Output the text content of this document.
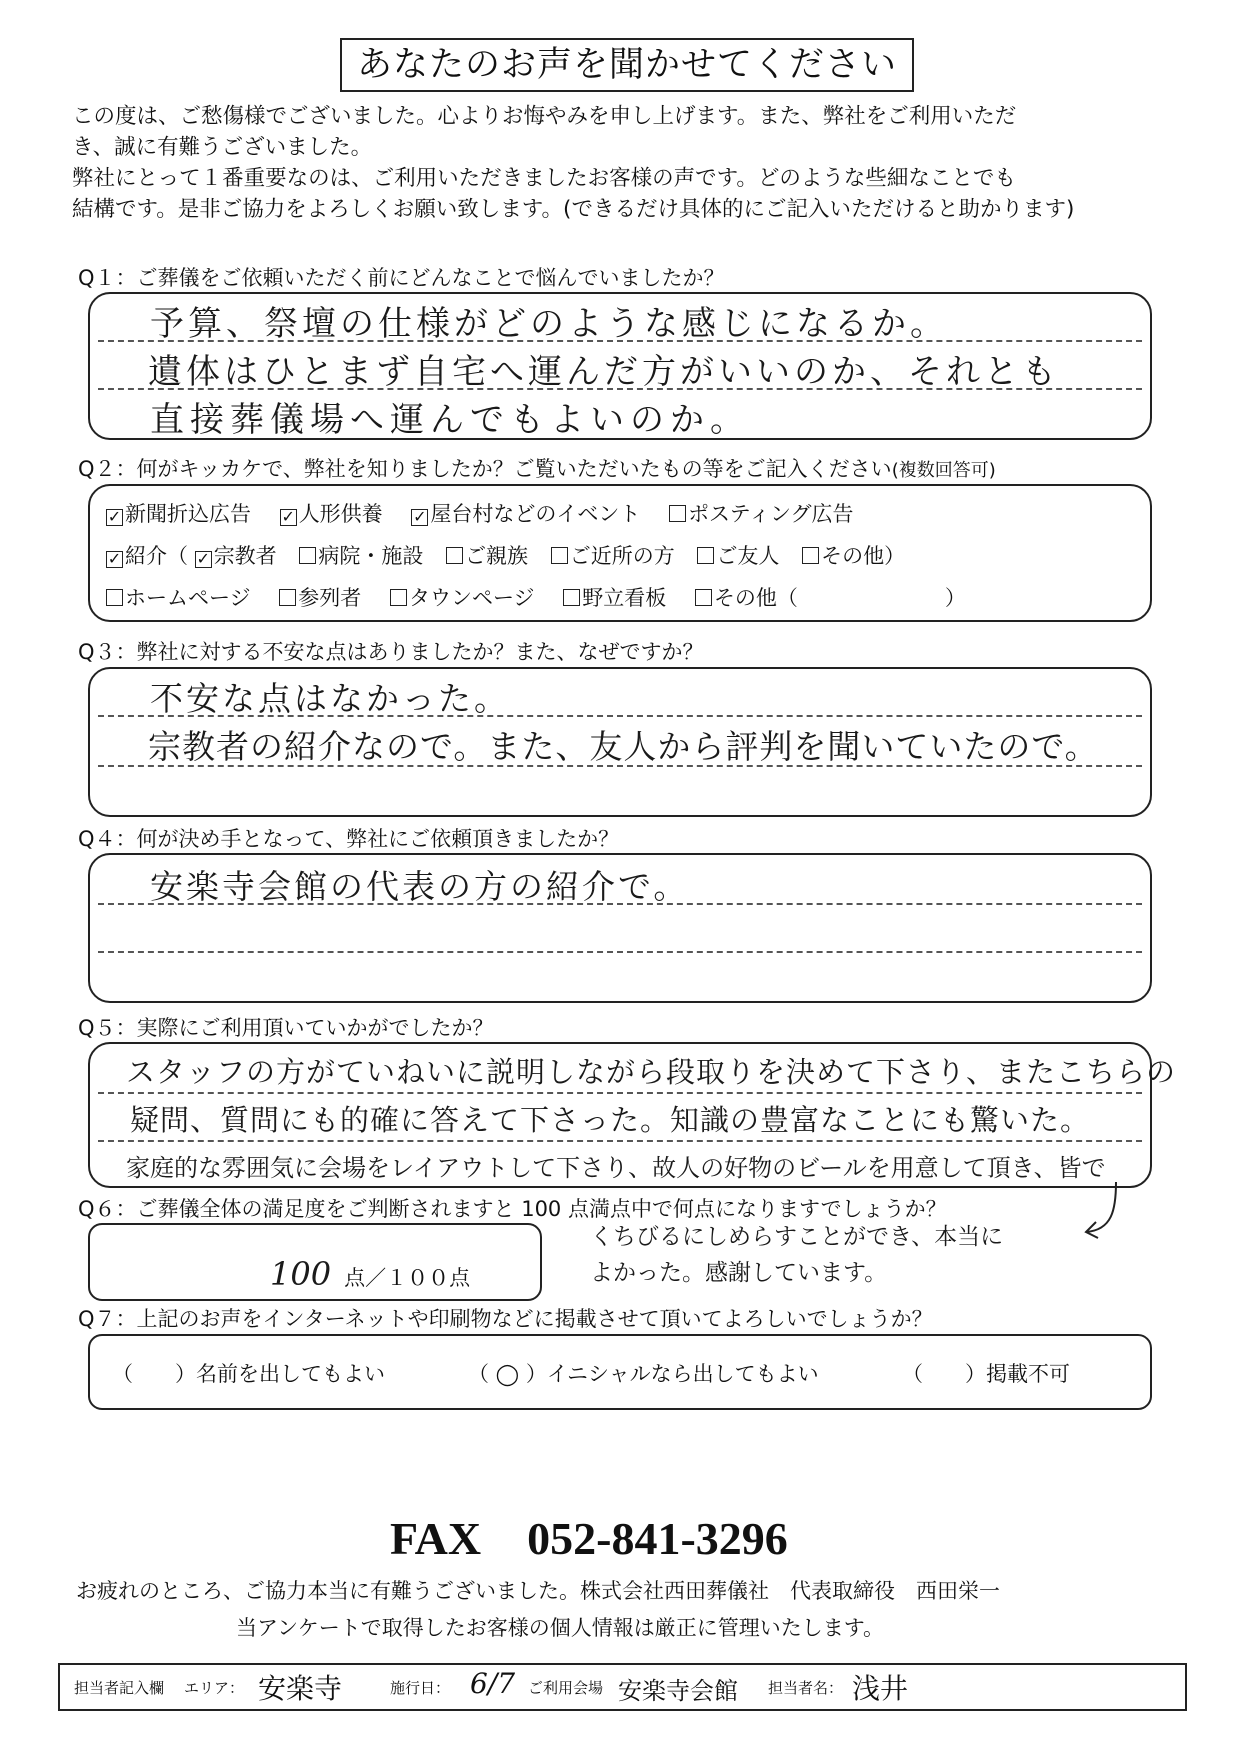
あなたのお声を聞かせてください
この度は、ご愁傷様でございました。心よりお悔やみを申し上げます。また、弊社をご利用いただ
き、誠に有難うございました。
弊社にとって１番重要なのは、ご利用いただきましたお客様の声です。どのような些細なことでも
結構です。是非ご協力をよろしくお願い致します。(できるだけ具体的にご記入いただけると助かります)
Q１：ご葬儀をご依頼いただく前にどんなことで悩んでいましたか？
予算、祭壇の仕様がどのような感じになるか。
遺体はひとまず自宅へ運んだ方がいいのか、それとも
直接葬儀場へ運んでもよいのか。
Q２：何がキッカケで、弊社を知りましたか？ご覧いただいたもの等をご記入ください(複数回答可)
✓ 新聞折込広告 ✓ 人形供養 ✓ 屋台村などのイベント ポスティング広告
✓ 紹介（ ✓ 宗教者 病院・施設 ご親族 ご近所の方 ご友人 その他）
ホームページ 参列者 タウンページ 野立看板 その他（　　　　　　　）
Q３：弊社に対する不安な点はありましたか？また、なぜですか？
不安な点はなかった。
宗教者の紹介なので。また、友人から評判を聞いていたので。
Q４：何が決め手となって、弊社にご依頼頂きましたか？
安楽寺会館の代表の方の紹介で。
Q５：実際にご利用頂いていかがでしたか？
スタッフの方がていねいに説明しながら段取りを決めて下さり、またこちらの
疑問、質問にも的確に答えて下さった。知識の豊富なことにも驚いた。
家庭的な雰囲気に会場をレイアウトして下さり、故人の好物のビールを用意して頂き、皆で
Q６：ご葬儀全体の満足度をご判断されますと 100 点満点中で何点になりますでしょうか？
100 点／１００点
くちびるにしめらすことができ、本当に
よかった。感謝しています。
Q７：上記のお声をインターネットや印刷物などに掲載させて頂いてよろしいでしょうか？
（　　）名前を出してもよい	（ ◯ ）イニシャルなら出してもよい	（　　）掲載不可
FAX　052-841-3296
お疲れのところ、ご協力本当に有難うございました。株式会社西田葬儀社　代表取締役　西田栄一
当アンケートで取得したお客様の個人情報は厳正に管理いたします。
担当者記入欄 エリア： 安楽寺	施行日： 6/7 ご利用会場 安楽寺会館 担当者名： 浅井
